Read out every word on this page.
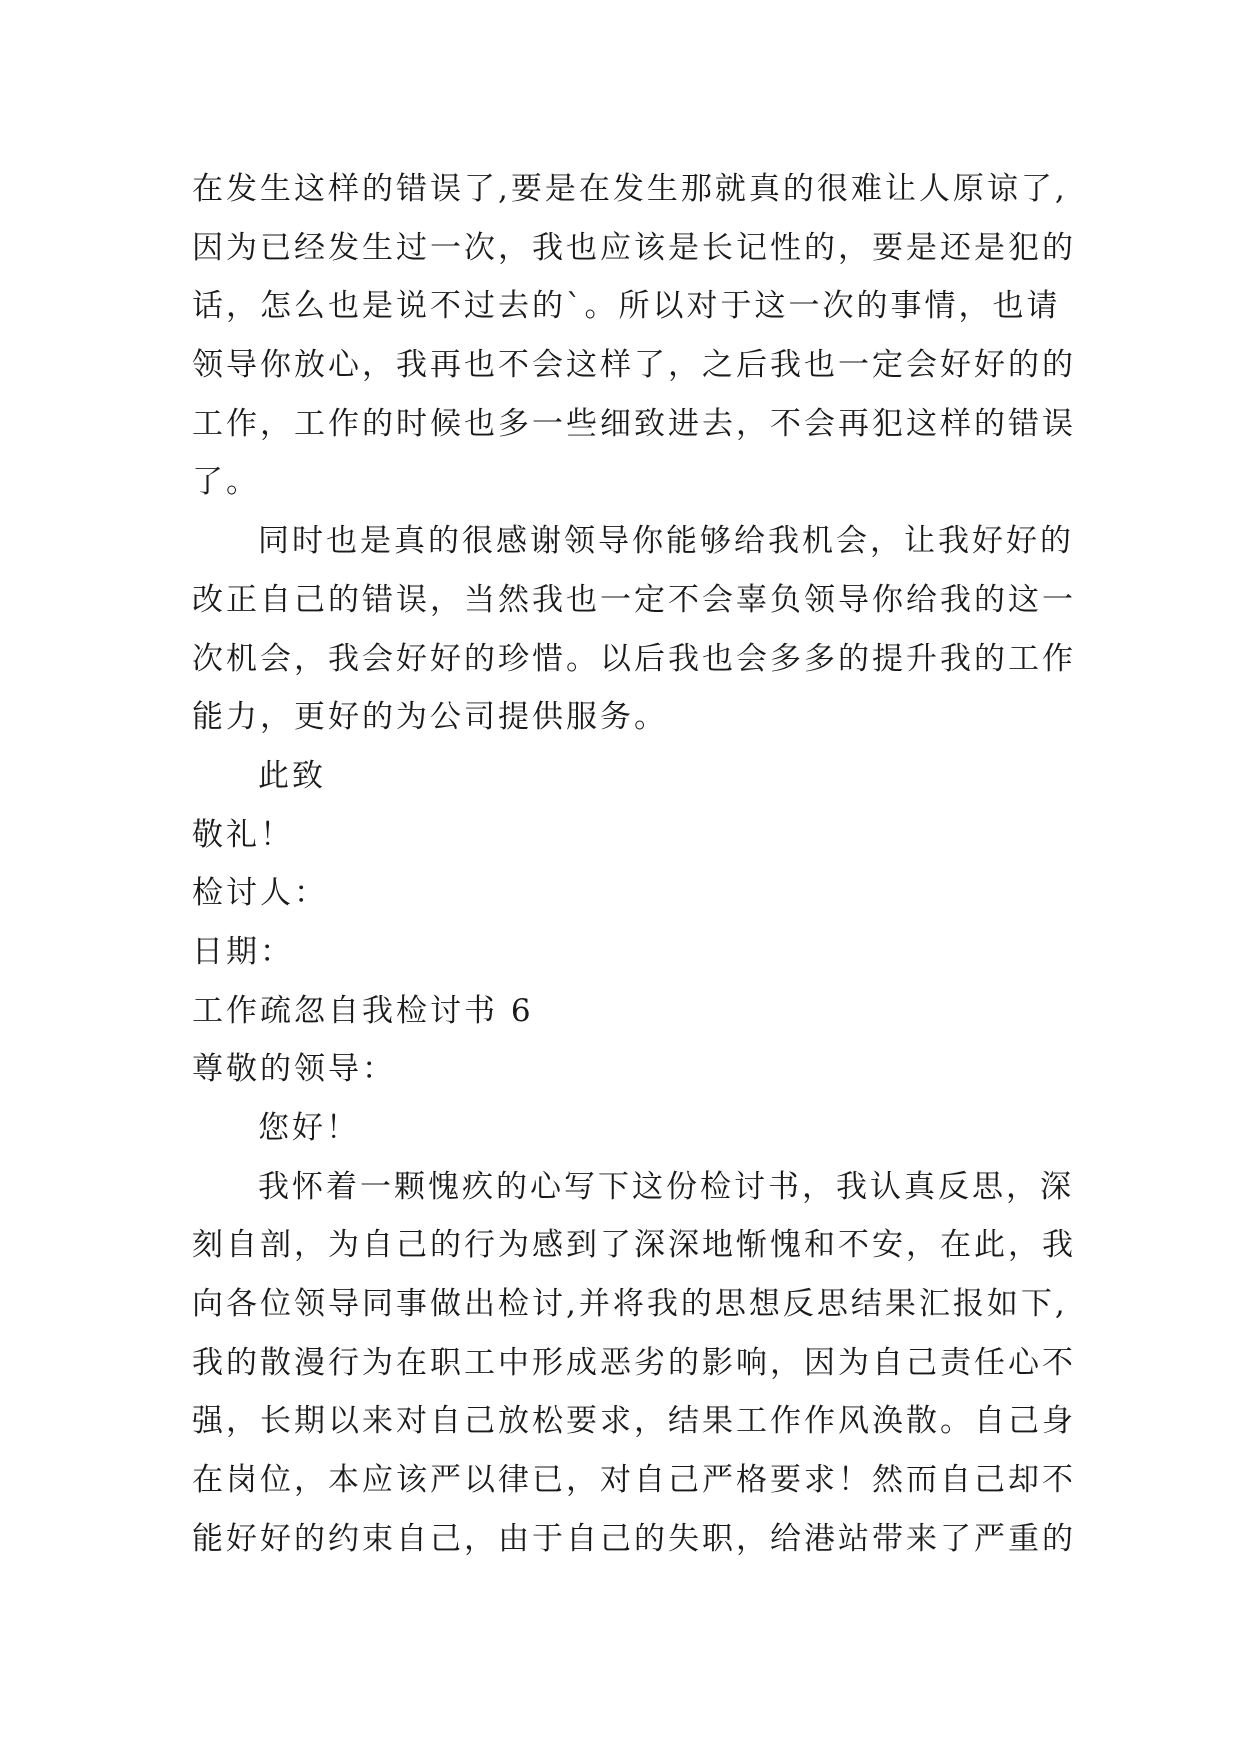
在发生这样的错误了,要是在发生那就真的很难让人原谅了,
因为已经发生过一次，我也应该是长记性的，要是还是犯的
话，怎么也是说不过去的`。所以对于这一次的事情，也请
领导你放心，我再也不会这样了，之后我也一定会好好的的
工作，工作的时候也多一些细致进去，不会再犯这样的错误
了。
同时也是真的很感谢领导你能够给我机会，让我好好的
改正自己的错误，当然我也一定不会辜负领导你给我的这一
次机会，我会好好的珍惜。以后我也会多多的提升我的工作
能力，更好的为公司提供服务。
此致
敬礼！
检讨人：
日期：
工作疏忽自我检讨书 6
尊敬的领导：
您好！
我怀着一颗愧疚的心写下这份检讨书，我认真反思，深
刻自剖，为自己的行为感到了深深地惭愧和不安，在此，我
向各位领导同事做出检讨,并将我的思想反思结果汇报如下,
我的散漫行为在职工中形成恶劣的影响，因为自己责任心不
强，长期以来对自己放松要求，结果工作作风涣散。自己身
在岗位，本应该严以律已，对自己严格要求！然而自己却不
能好好的约束自己，由于自己的失职，给港站带来了严重的
